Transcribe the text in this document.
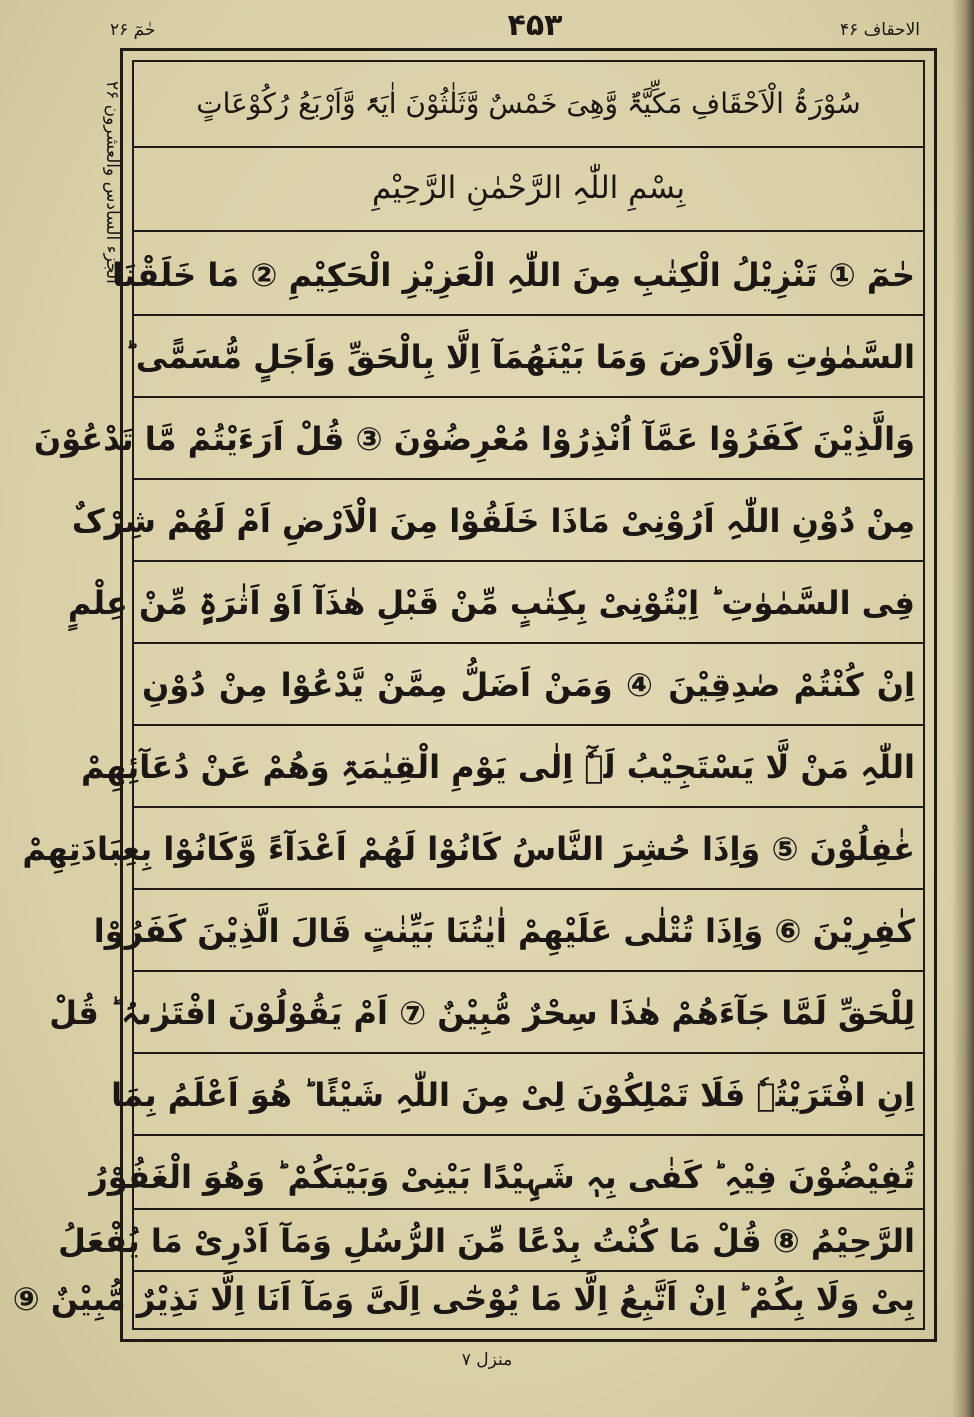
الاحقاف ۴۶
۴۵۳
حٰمٓ ۲۶
الجزء السادس والعشرون ۲۶	سُوْرَۃُ الْاَحْقَافِ مَکِّیَّۃٌ وَّھِیَ خَمْسٌ وَّثَلٰثُوْنَ اٰیَۃً وَّاَرْبَعُ رُکُوْعَاتٍ
بِسْمِ اللّٰہِ الرَّحْمٰنِ الرَّحِیْمِ
حٰمٓ ① تَنْزِیْلُ الْکِتٰبِ مِنَ اللّٰہِ الْعَزِیْزِ الْحَکِیْمِ ② مَا خَلَقْنَا
السَّمٰوٰتِ وَالْاَرْضَ وَمَا بَیْنَھُمَآ اِلَّا بِالْحَقِّ وَاَجَلٍ مُّسَمًّی ؕ
وَالَّذِیْنَ کَفَرُوْا عَمَّآ اُنْذِرُوْا مُعْرِضُوْنَ ③ قُلْ اَرَءَیْتُمْ مَّا تَدْعُوْنَ
مِنْ دُوْنِ اللّٰہِ اَرُوْنِیْ مَاذَا خَلَقُوْا مِنَ الْاَرْضِ اَمْ لَھُمْ شِرْکٌ
فِی السَّمٰوٰتِ ؕ اِیْتُوْنِیْ بِکِتٰبٍ مِّنْ قَبْلِ ھٰذَآ اَوْ اَثٰرَۃٍ مِّنْ عِلْمٍ
اِنْ کُنْتُمْ صٰدِقِیْنَ ④ وَمَنْ اَضَلُّ مِمَّنْ یَّدْعُوْا مِنْ دُوْنِ
اللّٰہِ مَنْ لَّا یَسْتَجِیْبُ لَہٗٓ اِلٰی یَوْمِ الْقِیٰمَۃِ وَھُمْ عَنْ دُعَآئِھِمْ
غٰفِلُوْنَ ⑤ وَاِذَا حُشِرَ النَّاسُ کَانُوْا لَھُمْ اَعْدَآءً وَّکَانُوْا بِعِبَادَتِھِمْ
کٰفِرِیْنَ ⑥ وَاِذَا تُتْلٰی عَلَیْھِمْ اٰیٰتُنَا بَیِّنٰتٍ قَالَ الَّذِیْنَ کَفَرُوْا
لِلْحَقِّ لَمَّا جَآءَھُمْ ھٰذَا سِحْرٌ مُّبِیْنٌ ⑦ اَمْ یَقُوْلُوْنَ افْتَرٰىہُ ؕ قُلْ
اِنِ افْتَرَیْتُہٗ فَلَا تَمْلِکُوْنَ لِیْ مِنَ اللّٰہِ شَیْئًا ؕ ھُوَ اَعْلَمُ بِمَا
تُفِیْضُوْنَ فِیْہِ ؕ کَفٰی بِہٖ شَہِیْدًا بَیْنِیْ وَبَیْنَکُمْ ؕ وَھُوَ الْغَفُوْرُ
الرَّحِیْمُ ⑧ قُلْ مَا کُنْتُ بِدْعًا مِّنَ الرُّسُلِ وَمَآ اَدْرِیْ مَا یُفْعَلُ
بِیْ وَلَا بِکُمْ ؕ اِنْ اَتَّبِعُ اِلَّا مَا یُوْحٰٓی اِلَیَّ وَمَآ اَنَا اِلَّا نَذِیْرٌ مُّبِیْنٌ ⑨
منزل ۷
